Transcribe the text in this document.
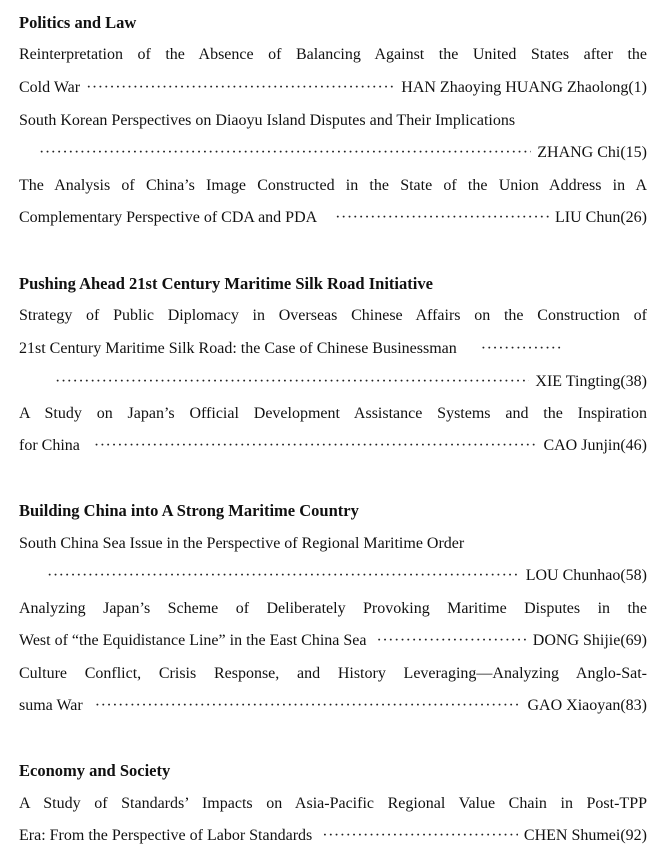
Politics and Law
Reinterpretation of the Absence of Balancing Against the United States after the
Cold War ·····	HAN Zhaoying HUANG Zhaolong (1)
South Korean Perspectives on Diaoyu Island Disputes and Their Implications
·····
ZHANG Chi (15)
The Analysis of China’s Image Constructed in the State of the Union Address in A
Complementary Perspective of CDA and PDA ·····	LIU Chun (26)
Pushing Ahead 21st Century Maritime Silk Road Initiative
Strategy of Public Diplomacy in Overseas Chinese Affairs on the Construction of
21st Century Maritime Silk Road: the Case of Chinese Businessman
·····
·····
XIE Tingting (38)
A Study on Japan’s Official Development Assistance Systems and the Inspiration
for China ·····	CAO Junjin (46)
Building China into A Strong Maritime Country
South China Sea Issue in the Perspective of Regional Maritime Order
·····
LOU Chunhao (58)
Analyzing Japan’s Scheme of Deliberately Provoking Maritime Disputes in the
West of “the Equidistance Line” in the East China Sea ·····	DONG Shijie (69)
Culture Conflict, Crisis Response, and History Leveraging—Analyzing Anglo-Sat-
suma War ·····	GAO Xiaoyan (83)
Economy and Society
A Study of Standards’ Impacts on Asia-Pacific Regional Value Chain in Post-TPP
Era: From the Perspective of Labor Standards ·····	CHEN Shumei (92)
